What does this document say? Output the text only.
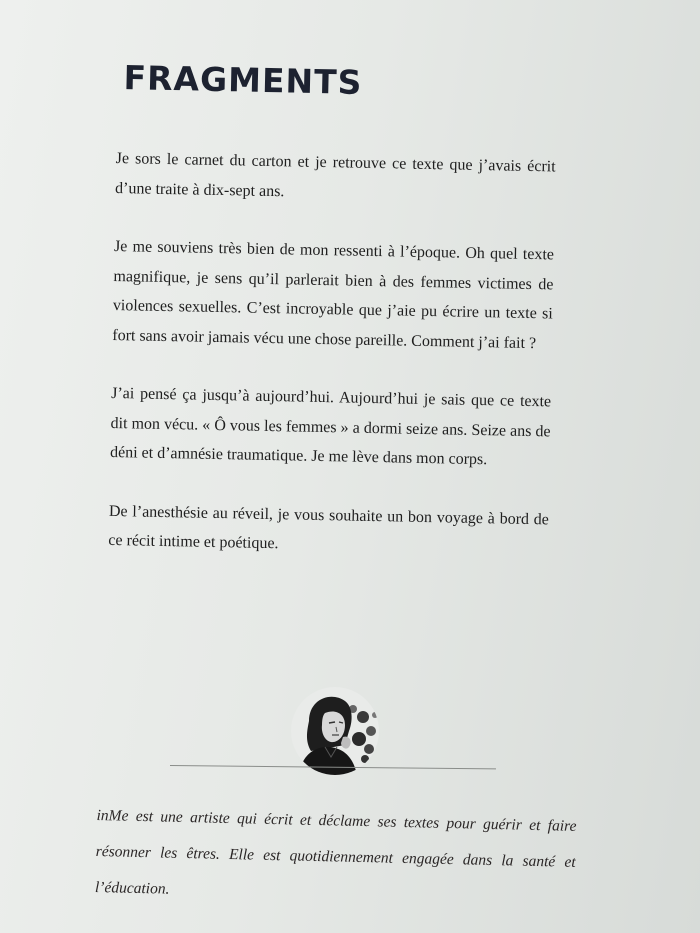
FRAGMENTS

Je sors le carnet du carton et je retrouve ce texte que j’avais écrit d’une traite à dix-sept ans.

Je me souviens très bien de mon ressenti à l’époque. Oh quel texte magnifique, je sens qu’il parlerait bien à des femmes victimes de violences sexuelles. C’est incroyable que j’aie pu écrire un texte si fort sans avoir jamais vécu une chose pareille. Comment j’ai fait ?

J’ai pensé ça jusqu’à aujourd’hui. Aujourd’hui je sais que ce texte dit mon vécu. « Ô vous les femmes » a dormi seize ans. Seize ans de déni et d’amnésie traumatique. Je me lève dans mon corps.

De l’anesthésie au réveil, je vous souhaite un bon voyage à bord de ce récit intime et poétique.

inMe est une artiste qui écrit et déclame ses textes pour guérir et faire résonner les êtres. Elle est quotidiennement engagée dans la santé et l’éducation.
